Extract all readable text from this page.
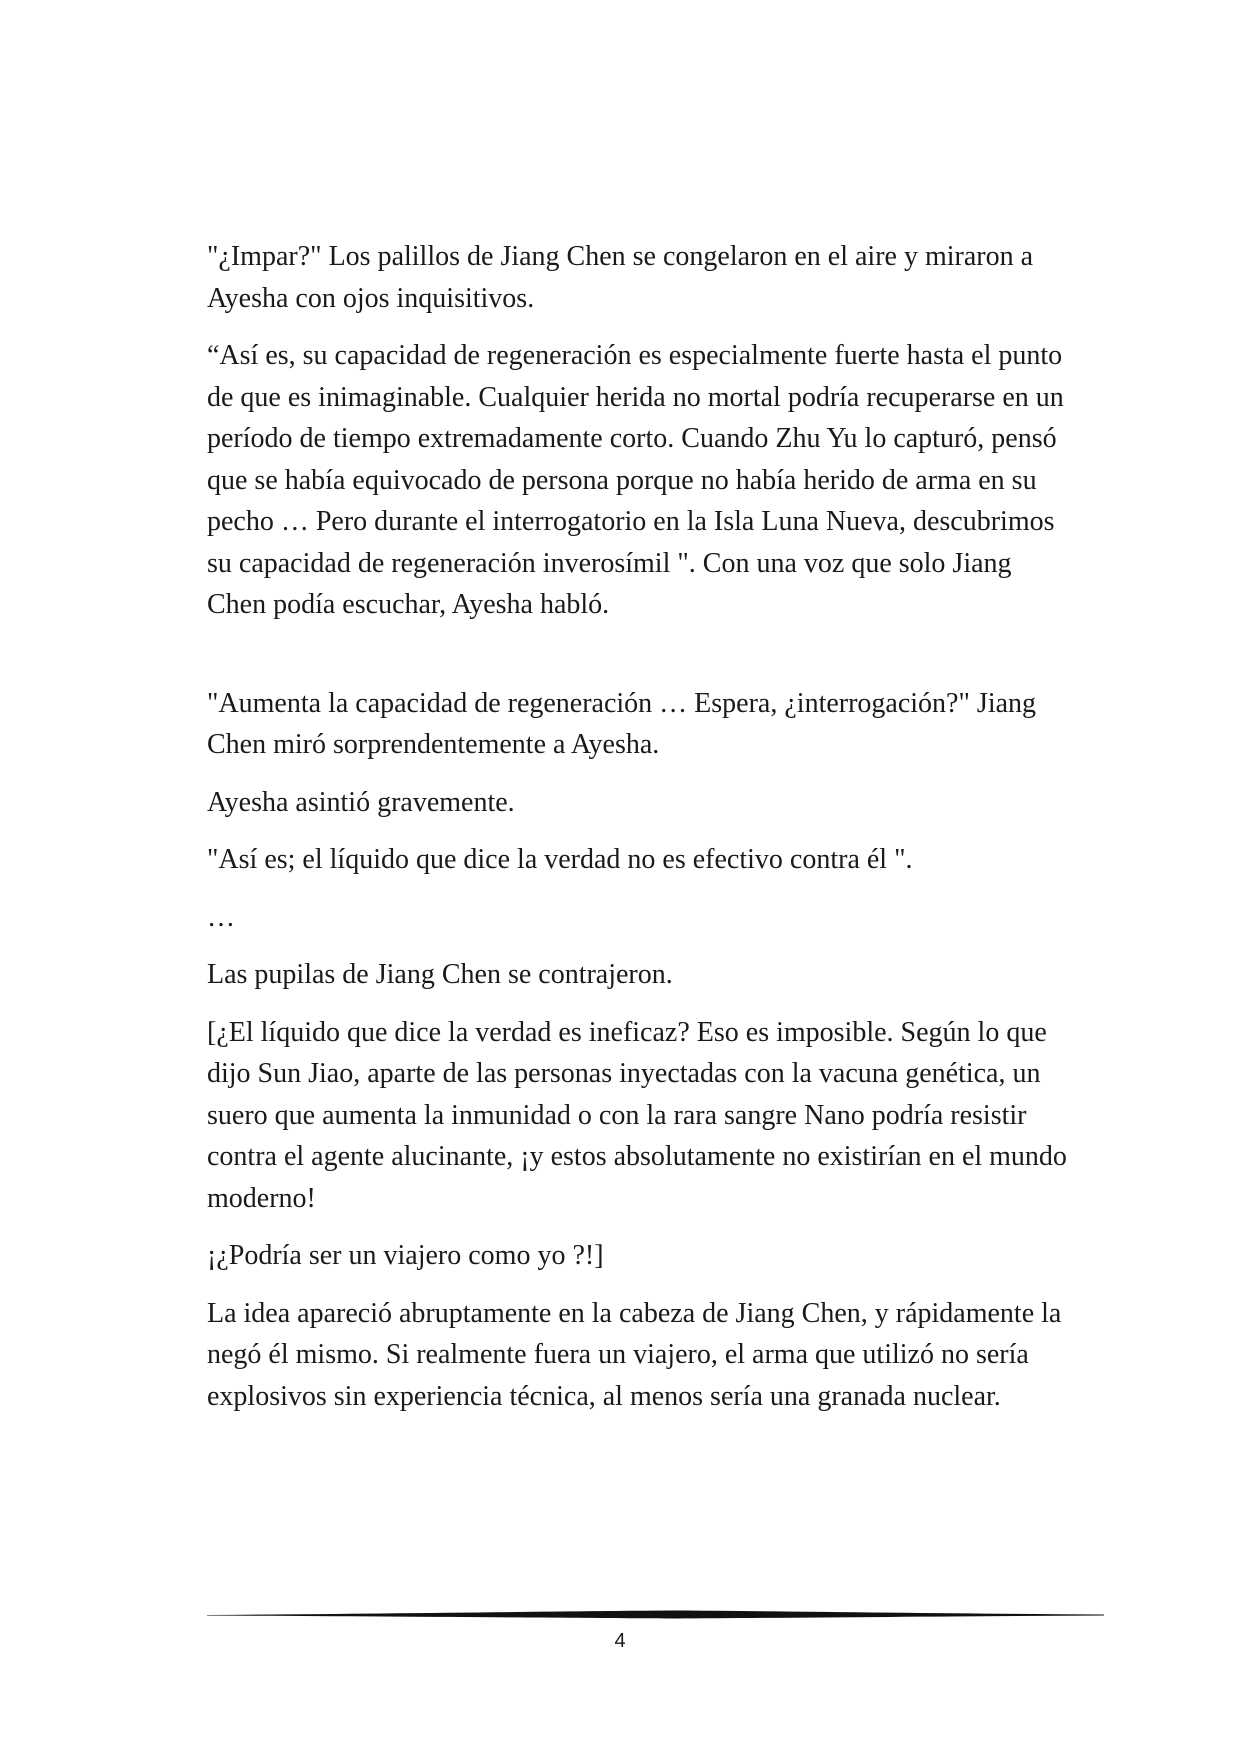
"¿Impar?" Los palillos de Jiang Chen se congelaron en el aire y miraron a Ayesha con ojos inquisitivos.

“Así es, su capacidad de regeneración es especialmente fuerte hasta el punto de que es inimaginable. Cualquier herida no mortal podría recuperarse en un período de tiempo extremadamente corto. Cuando Zhu Yu lo capturó, pensó que se había equivocado de persona porque no había herido de arma en su pecho … Pero durante el interrogatorio en la Isla Luna Nueva, descubrimos su capacidad de regeneración inverosímil ". Con una voz que solo Jiang Chen podía escuchar, Ayesha habló.

"Aumenta la capacidad de regeneración … Espera, ¿interrogación?" Jiang Chen miró sorprendentemente a Ayesha.

Ayesha asintió gravemente.

"Así es; el líquido que dice la verdad no es efectivo contra él ".

…

Las pupilas de Jiang Chen se contrajeron.

[¿El líquido que dice la verdad es ineficaz? Eso es imposible. Según lo que dijo Sun Jiao, aparte de las personas inyectadas con la vacuna genética, un suero que aumenta la inmunidad o con la rara sangre Nano podría resistir contra el agente alucinante, ¡y estos absolutamente no existirían en el mundo moderno!

¡¿Podría ser un viajero como yo ?!]

La idea apareció abruptamente en la cabeza de Jiang Chen, y rápidamente la negó él mismo. Si realmente fuera un viajero, el arma que utilizó no sería explosivos sin experiencia técnica, al menos sería una granada nuclear.

4
